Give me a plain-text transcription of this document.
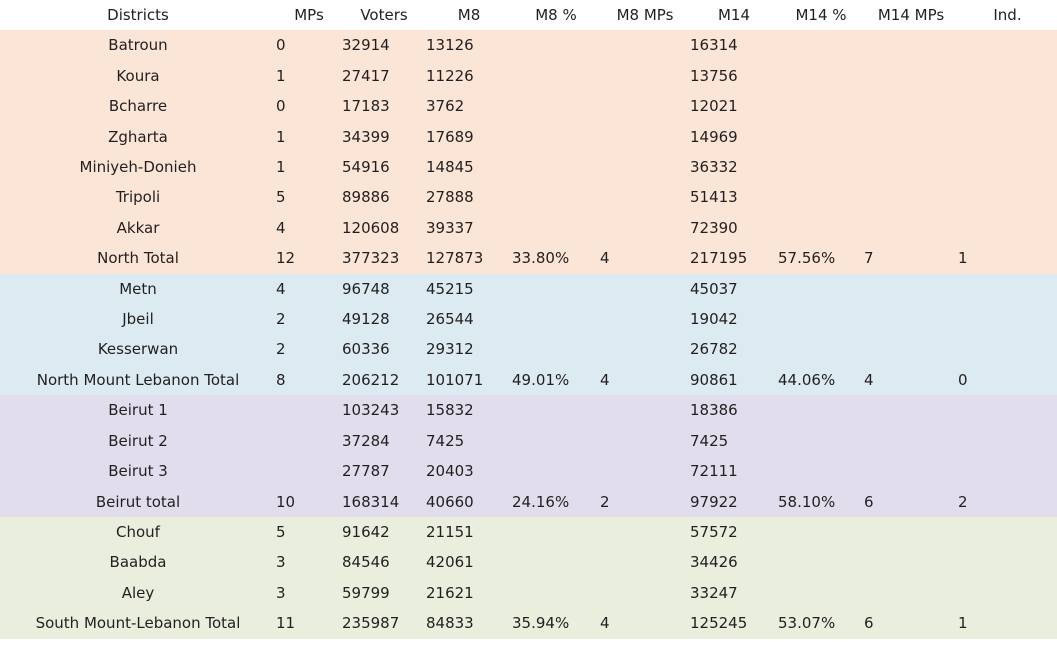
Districts	MPs	Voters	M8	M8 %	M8 MPs	M14	M14 %	M14 MPs	Ind.
Batroun	0	32914	13126			16314			
Koura	1	27417	11226			13756			
Bcharre	0	17183	3762			12021			
Zgharta	1	34399	17689			14969			
Miniyeh-Donieh	1	54916	14845			36332			
Tripoli	5	89886	27888			51413			
Akkar	4	120608	39337			72390			
North Total	12	377323	127873	33.80%	4	217195	57.56%	7	1
Metn	4	96748	45215			45037			
Jbeil	2	49128	26544			19042			
Kesserwan	2	60336	29312			26782			
North Mount Lebanon Total	8	206212	101071	49.01%	4	90861	44.06%	4	0
Beirut 1		103243	15832			18386			
Beirut 2		37284	7425			7425			
Beirut 3		27787	20403			72111			
Beirut total	10	168314	40660	24.16%	2	97922	58.10%	6	2
Chouf	5	91642	21151			57572			
Baabda	3	84546	42061			34426			
Aley	3	59799	21621			33247			
South Mount-Lebanon Total	11	235987	84833	35.94%	4	125245	53.07%	6	1
